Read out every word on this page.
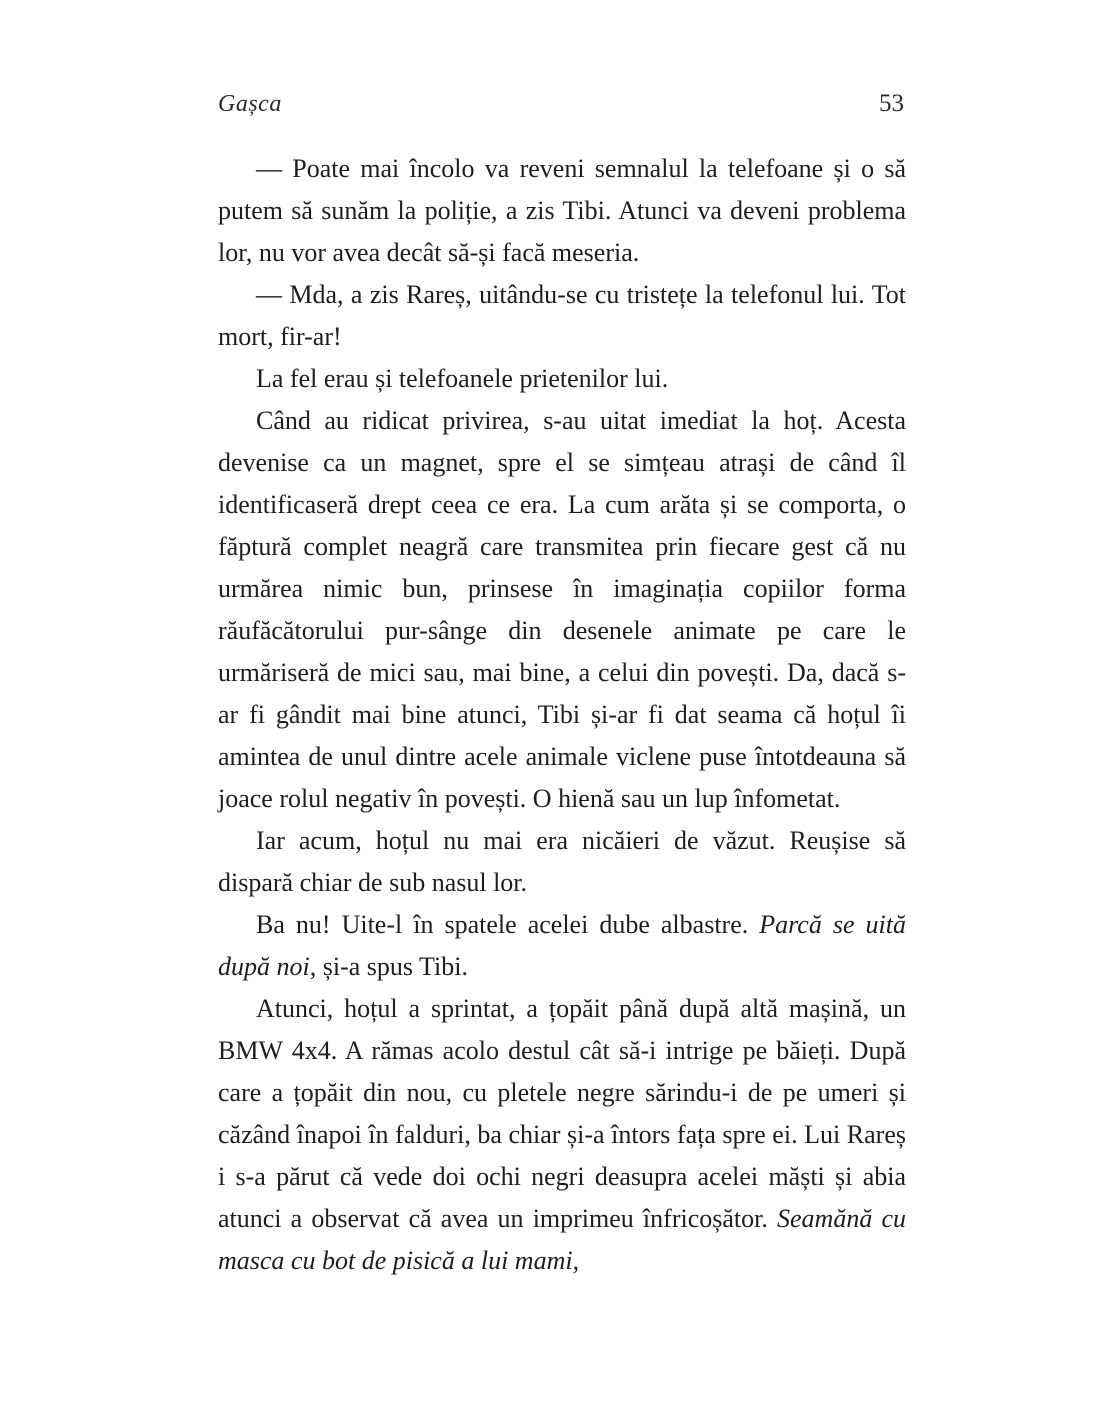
Gașca	53

— Poate mai încolo va reveni semnalul la telefoane și o să putem să sunăm la poliție, a zis Tibi. Atunci va deveni problema lor, nu vor avea decât să-și facă meseria.

— Mda, a zis Rareș, uitându-se cu tristețe la telefonul lui. Tot mort, fir-ar!

La fel erau și telefoanele prietenilor lui.

Când au ridicat privirea, s-au uitat imediat la hoț. Acesta devenise ca un magnet, spre el se simțeau atrași de când îl identificaseră drept ceea ce era. La cum arăta și se comporta, o făptură complet neagră care transmitea prin fiecare gest că nu urmărea nimic bun, prinsese în imaginația copiilor forma răufăcătorului pur-sânge din desenele animate pe care le urmăriseră de mici sau, mai bine, a celui din povești. Da, dacă s-ar fi gândit mai bine atunci, Tibi și-ar fi dat seama că hoțul îi amintea de unul dintre acele animale viclene puse întotdeauna să joace rolul negativ în povești. O hienă sau un lup înfometat.

Iar acum, hoțul nu mai era nicăieri de văzut. Reușise să dispară chiar de sub nasul lor.

Ba nu! Uite-l în spatele acelei dube albastre. Parcă se uită după noi, și-a spus Tibi.

Atunci, hoțul a sprintat, a țopăit până după altă mașină, un BMW 4x4. A rămas acolo destul cât să-i intrige pe băieți. După care a țopăit din nou, cu pletele negre sărindu-i de pe umeri și căzând înapoi în falduri, ba chiar și-a întors fața spre ei. Lui Rareș i s-a părut că vede doi ochi negri deasupra acelei măști și abia atunci a observat că avea un imprimeu înfricoșător. Seamănă cu masca cu bot de pisică a lui mami,
